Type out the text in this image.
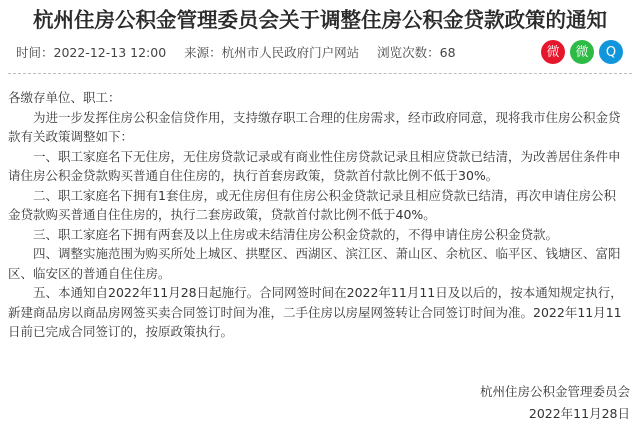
杭州住房公积金管理委员会关于调整住房公积金贷款政策的通知
时间：2022-12-13 12:00 来源：杭州市人民政府门户网站 浏览次数：68	微 微 Q

各缴存单位、职工：

为进一步发挥住房公积金信贷作用，支持缴存职工合理的住房需求，经市政府同意，现将我市住房公积金贷款有关政策调整如下：

一、职工家庭名下无住房，无住房贷款记录或有商业性住房贷款记录且相应贷款已结清，为改善居住条件申请住房公积金贷款购买普通自住住房的，执行首套房政策，贷款首付款比例不低于30%。

二、职工家庭名下拥有1套住房，或无住房但有住房公积金贷款记录且相应贷款已结清，再次申请住房公积金贷款购买普通自住住房的，执行二套房政策，贷款首付款比例不低于40%。

三、职工家庭名下拥有两套及以上住房或未结清住房公积金贷款的，不得申请住房公积金贷款。

四、调整实施范围为购买所处上城区、拱墅区、西湖区、滨江区、萧山区、余杭区、临平区、钱塘区、富阳区、临安区的普通自住住房。

五、本通知自2022年11月28日起施行。合同网签时间在2022年11月11日及以后的，按本通知规定执行，新建商品房以商品房网签买卖合同签订时间为准，二手住房以房屋网签转让合同签订时间为准。2022年11月11日前已完成合同签订的，按原政策执行。

杭州住房公积金管理委员会
2022年11月28日
